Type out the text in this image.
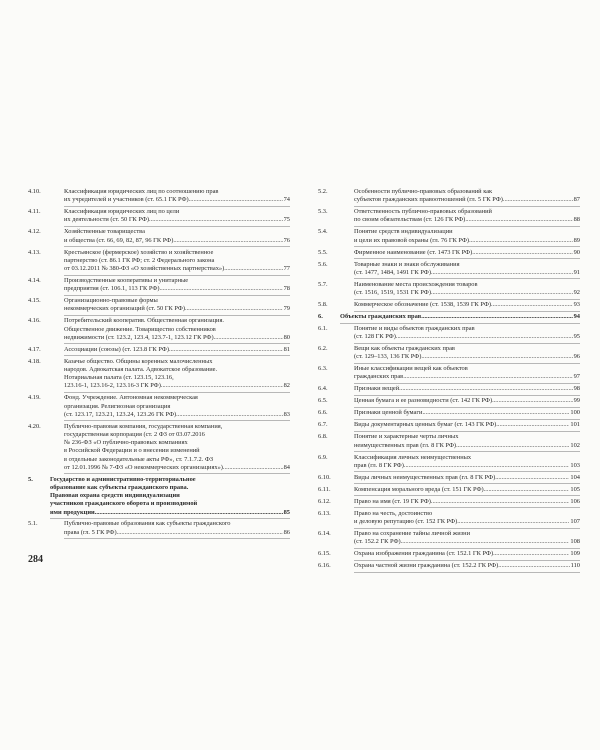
4.10.	Классификация юридических лиц по соотношению прав
их учредителей и участников (ст. 65.1 ГК РФ) .....	74
4.11.	Классификация юридических лиц по цели
их деятельности (ст. 50 ГК РФ) .....	75
4.12.	Хозяйственные товарищества
и общества (ст. 66, 69, 82, 87, 96 ГК РФ) .....	76
4.13.	Крестьянское (фермерское) хозяйство и хозяйственное
партнерство (ст. 86.1 ГК РФ; ст. 2 Федерального закона
от 03.12.2011 № 380-ФЗ «О хозяйственных партнерствах») .....	77
4.14.	Производственные кооперативы и унитарные
предприятия (ст. 106.1, 113 ГК РФ) .....	78
4.15.	Организационно-правовые формы
некоммерческих организаций (ст. 50 ГК РФ) .....	79
4.16.	Потребительский кооператив. Общественная организация.
Общественное движение. Товарищество собственников
недвижимости (ст. 123.2, 123.4, 123.7-1, 123.12 ГК РФ) .....	80
4.17.	Ассоциации (союзы) (ст. 123.8 ГК РФ) .....	81
4.18.	Казачье общество. Общины коренных малочисленных
народов. Адвокатская палата. Адвокатское образование.
Нотариальная палата (ст. 123.15, 123.16,
123.16-1, 123.16-2, 123.16-3 ГК РФ) .....	82
4.19.	Фонд. Учреждение. Автономная некоммерческая
организация. Религиозная организация
(ст. 123.17, 123.21, 123.24, 123.26 ГК РФ) .....	83
4.20.	Публично-правовая компания, государственная компания,
государственная корпорация (ст. 2 ФЗ от 03.07.2016
№ 236-ФЗ «О публично-правовых компаниях
в Российской Федерации и о внесении изменений
в отдельные законодательные акты РФ», ст. 7.1.7.2. ФЗ
от 12.01.1996 № 7-ФЗ «О некоммерческих организациях») .....	84
5.	Государство и административно-территориальное
образование как субъекты гражданского права.
Правовая охрана средств индивидуализации
участников гражданского оборота и производимой
ими продукции .....	85
5.1.	Публично-правовые образования как субъекты гражданского
права (гл. 5 ГК РФ) .....	86
5.2.	Особенности публично-правовых образований как
субъектов гражданских правоотношений (гл. 5 ГК РФ) .....	87
5.3.	Ответственность публично-правовых образований
по своим обязательствам (ст. 126 ГК РФ) .....	88
5.4.	Понятие средств индивидуализации
и цели их правовой охраны (гл. 76 ГК РФ) .....	89
5.5.	Фирменное наименование (ст. 1473 ГК РФ) .....	90
5.6.	Товарные знаки и знаки обслуживания
(ст. 1477, 1484, 1491 ГК РФ) .....	91
5.7.	Наименование места происхождения товаров
(ст. 1516, 1519, 1531 ГК РФ) .....	92
5.8.	Коммерческое обозначение (ст. 1538, 1539 ГК РФ) .....	93
6.	Объекты гражданских прав .....	94
6.1.	Понятие и виды объектов гражданских прав
(ст. 128 ГК РФ) .....	95
6.2.	Вещи как объекты гражданских прав
(ст. 129–133, 136 ГК РФ) .....	96
6.3.	Иные классификации вещей как объектов
гражданских прав .....	97
6.4.	Признаки вещей .....	98
6.5.	Ценная бумага и ее разновидности (ст. 142 ГК РФ) .....	99
6.6.	Признаки ценной бумаги .....	100
6.7.	Виды документарных ценных бумаг (ст. 143 ГК РФ) .....	101
6.8.	Понятие и характерные черты личных
неимущественных прав (гл. 8 ГК РФ) .....	102
6.9.	Классификация личных неимущественных
прав (гл. 8 ГК РФ) .....	103
6.10.	Виды личных неимущественных прав (гл. 8 ГК РФ) .....	104
6.11.	Компенсация морального вреда (ст. 151 ГК РФ) .....	105
6.12.	Право на имя (ст. 19 ГК РФ) .....	106
6.13.	Право на честь, достоинство
и деловую репутацию (ст. 152 ГК РФ) .....	107
6.14.	Право на сохранение тайны личной жизни
(ст. 152.2 ГК РФ) .....	108
6.15.	Охрана изображения гражданина (ст. 152.1 ГК РФ) .....	109
6.16.	Охрана частной жизни гражданина (ст. 152.2 ГК РФ) .....	110
284
